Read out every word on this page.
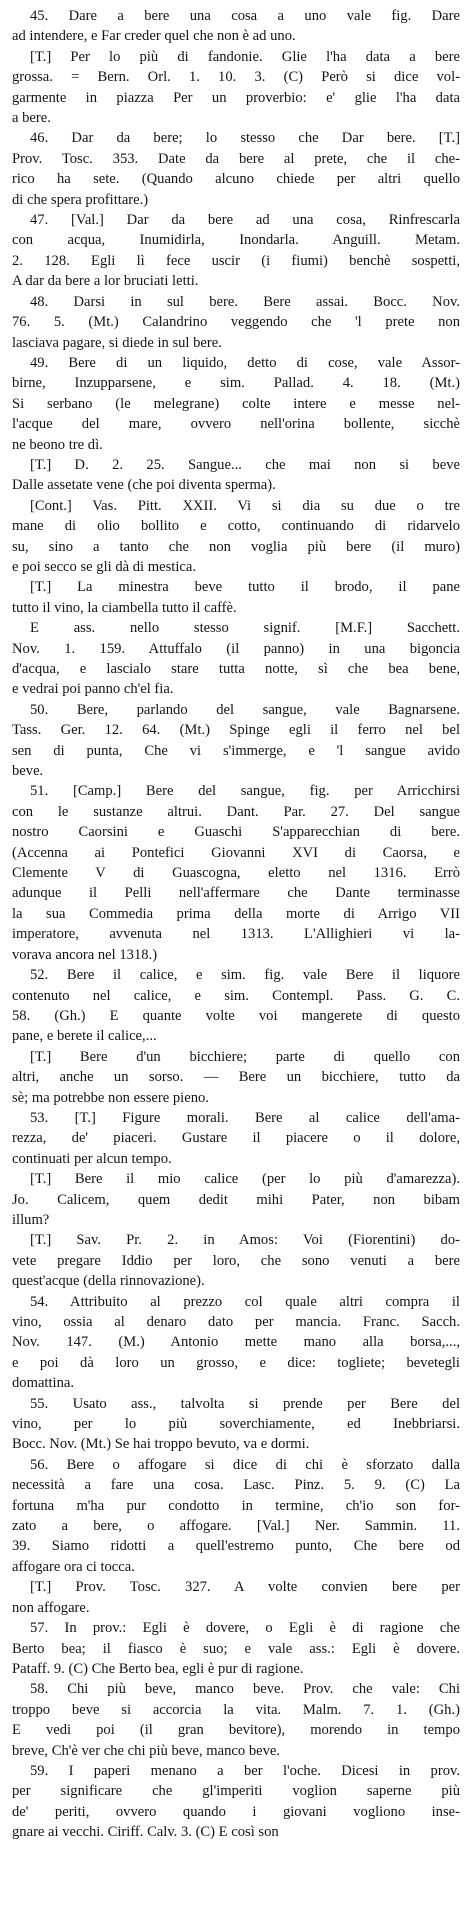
45. Dare a bere una cosa a uno vale fig. Dare
ad intendere, e Far creder quel che non è ad uno.
[T.] Per lo più di fandonie. Glie l'ha data a bere
grossa. = Bern. Orl. 1. 10. 3. (C) Però si dice vol-
garmente in piazza Per un proverbio: e' glie l'ha data
a bere.
46. Dar da bere; lo stesso che Dar bere. [T.]
Prov. Tosc. 353. Date da bere al prete, che il che-
rico ha sete. (Quando alcuno chiede per altri quello
di che spera profittare.)
47. [Val.] Dar da bere ad una cosa, Rinfrescarla
con acqua, Inumidirla, Inondarla. Anguill. Metam.
2. 128. Egli lì fece uscir (i fiumi) benchè sospetti,
A dar da bere a lor bruciati letti.
48. Darsi in sul bere. Bere assai. Bocc. Nov.
76. 5. (Mt.) Calandrino veggendo che 'l prete non
lasciava pagare, si diede in sul bere.
49. Bere di un liquido, detto di cose, vale Assor-
birne, Inzupparsene, e sim. Pallad. 4. 18. (Mt.)
Si serbano (le melegrane) colte intere e messe nel-
l'acque del mare, ovvero nell'orina bollente, sicchè
ne beono tre dì.
[T.] D. 2. 25. Sangue... che mai non si beve
Dalle assetate vene (che poi diventa sperma).
[Cont.] Vas. Pitt. XXII. Vi si dia su due o tre
mane di olio bollito e cotto, continuando di ridarvelo
su, sino a tanto che non voglia più bere (il muro)
e poi secco se gli dà di mestica.
[T.] La minestra beve tutto il brodo, il pane
tutto il vino, la ciambella tutto il caffè.
E ass. nello stesso signif. [M.F.] Sacchett.
Nov. 1. 159. Attuffalo (il panno) in una bigoncia
d'acqua, e lascialo stare tutta notte, sì che bea bene,
e vedrai poi panno ch'el fia.
50. Bere, parlando del sangue, vale Bagnarsene.
Tass. Ger. 12. 64. (Mt.) Spinge egli il ferro nel bel
sen di punta, Che vi s'immerge, e 'l sangue avido
beve.
51. [Camp.] Bere del sangue, fig. per Arricchirsi
con le sustanze altrui. Dant. Par. 27. Del sangue
nostro Caorsini e Guaschi S'apparecchian di bere.
(Accenna ai Pontefici Giovanni XVI di Caorsa, e
Clemente V di Guascogna, eletto nel 1316. Errò
adunque il Pelli nell'affermare che Dante terminasse
la sua Commedia prima della morte di Arrigo VII
imperatore, avvenuta nel 1313. L'Allighieri vi la-
vorava ancora nel 1318.)
52. Bere il calice, e sim. fig. vale Bere il liquore
contenuto nel calice, e sim. Contempl. Pass. G. C.
58. (Gh.) E quante volte voi mangerete di questo
pane, e berete il calice,...
[T.] Bere d'un bicchiere; parte di quello con
altri, anche un sorso. — Bere un bicchiere, tutto da
sè; ma potrebbe non essere pieno.
53. [T.] Figure morali. Bere al calice dell'ama-
rezza, de' piaceri. Gustare il piacere o il dolore,
continuati per alcun tempo.
[T.] Bere il mio calice (per lo più d'amarezza).
Jo. Calicem, quem dedit mihi Pater, non bibam
illum?
[T.] Sav. Pr. 2. in Amos: Voi (Fiorentini) do-
vete pregare Iddio per loro, che sono venuti a bere
quest'acque (della rinnovazione).
54. Attribuito al prezzo col quale altri compra il
vino, ossia al denaro dato per mancia. Franc. Sacch.
Nov. 147. (M.) Antonio mette mano alla borsa,...,
e poi dà loro un grosso, e dice: togliete; bevetegli
domattina.
55. Usato ass., talvolta si prende per Bere del
vino, per lo più soverchiamente, ed Inebbriarsi.
Bocc. Nov. (Mt.) Se hai troppo bevuto, va e dormi.
56. Bere o affogare si dice di chi è sforzato dalla
necessità a fare una cosa. Lasc. Pinz. 5. 9. (C) La
fortuna m'ha pur condotto in termine, ch'io son for-
zato a bere, o affogare. [Val.] Ner. Sammin. 11.
39. Siamo ridotti a quell'estremo punto, Che bere od
affogare ora ci tocca.
[T.] Prov. Tosc. 327. A volte convien bere per
non affogare.
57. In prov.: Egli è dovere, o Egli è di ragione che
Berto bea; il fiasco è suo; e vale ass.: Egli è dovere.
Pataff. 9. (C) Che Berto bea, egli è pur di ragione.
58. Chi più beve, manco beve. Prov. che vale: Chi
troppo beve si accorcia la vita. Malm. 7. 1. (Gh.)
E vedi poi (il gran bevitore), morendo in tempo
breve, Ch'è ver che chi più beve, manco beve.
59. I paperi menano a ber l'oche. Dicesi in prov.
per significare che gl'imperiti voglion saperne più
de' periti, ovvero quando i giovani vogliono inse-
gnare ai vecchi. Ciriff. Calv. 3. (C) E così son
